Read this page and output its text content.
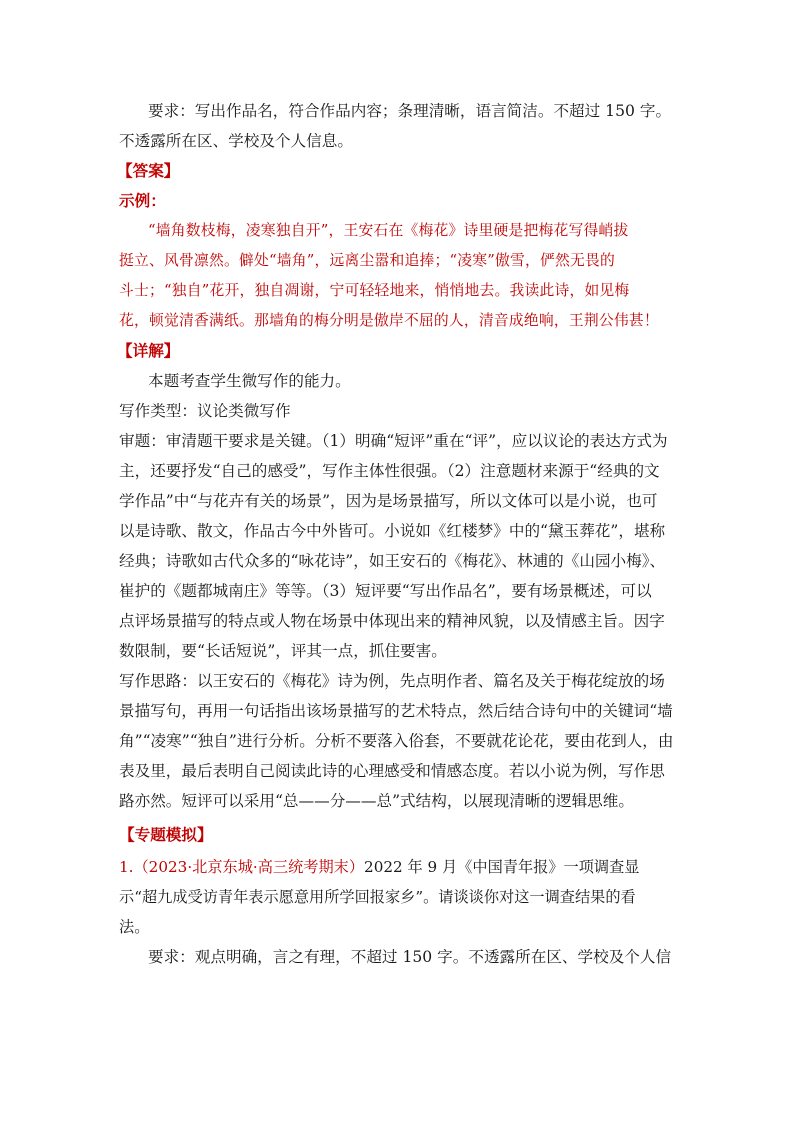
要求：写出作品名，符合作品内容；条理清晰，语言简洁。不超过 150 字。
不透露所在区、学校及个人信息。
【答案】
示例：
“墙角数枝梅，凌寒独自开”，王安石在《梅花》诗里硬是把梅花写得峭拔
挺立、风骨凛然。僻处“墙角”，远离尘嚣和追捧；“凌寒”傲雪，俨然无畏的
斗士；“独自”花开，独自凋谢，宁可轻轻地来，悄悄地去。我读此诗，如见梅
花，顿觉清香满纸。那墙角的梅分明是傲岸不屈的人，清音成绝响，王荆公伟甚！
【详解】
本题考查学生微写作的能力。
写作类型：议论类微写作
审题：审清题干要求是关键。（1）明确“短评”重在“评”，应以议论的表达方式为
主，还要抒发“自己的感受”，写作主体性很强。（2）注意题材来源于“经典的文
学作品”中“与花卉有关的场景”，因为是场景描写，所以文体可以是小说，也可
以是诗歌、散文，作品古今中外皆可。小说如《红楼梦》中的“黛玉葬花”，堪称
经典；诗歌如古代众多的“咏花诗”，如王安石的《梅花》、林逋的《山园小梅》、
崔护的《题都城南庄》等等。（3）短评要“写出作品名”，要有场景概述，可以
点评场景描写的特点或人物在场景中体现出来的精神风貌，以及情感主旨。因字
数限制，要“长话短说”，评其一点，抓住要害。
写作思路：以王安石的《梅花》诗为例，先点明作者、篇名及关于梅花绽放的场
景描写句，再用一句话指出该场景描写的艺术特点，然后结合诗句中的关键词“墙
角”“凌寒”“独自”进行分析。分析不要落入俗套，不要就花论花，要由花到人，由
表及里，最后表明自己阅读此诗的心理感受和情感态度。若以小说为例，写作思
路亦然。短评可以采用“总——分——总”式结构，以展现清晰的逻辑思维。
【专题模拟】
1.（2023·北京东城·高三统考期末）2022 年 9 月《中国青年报》一项调查显
示“超九成受访青年表示愿意用所学回报家乡”。请谈谈你对这一调查结果的看
法。
要求：观点明确，言之有理，不超过 150 字。不透露所在区、学校及个人信
